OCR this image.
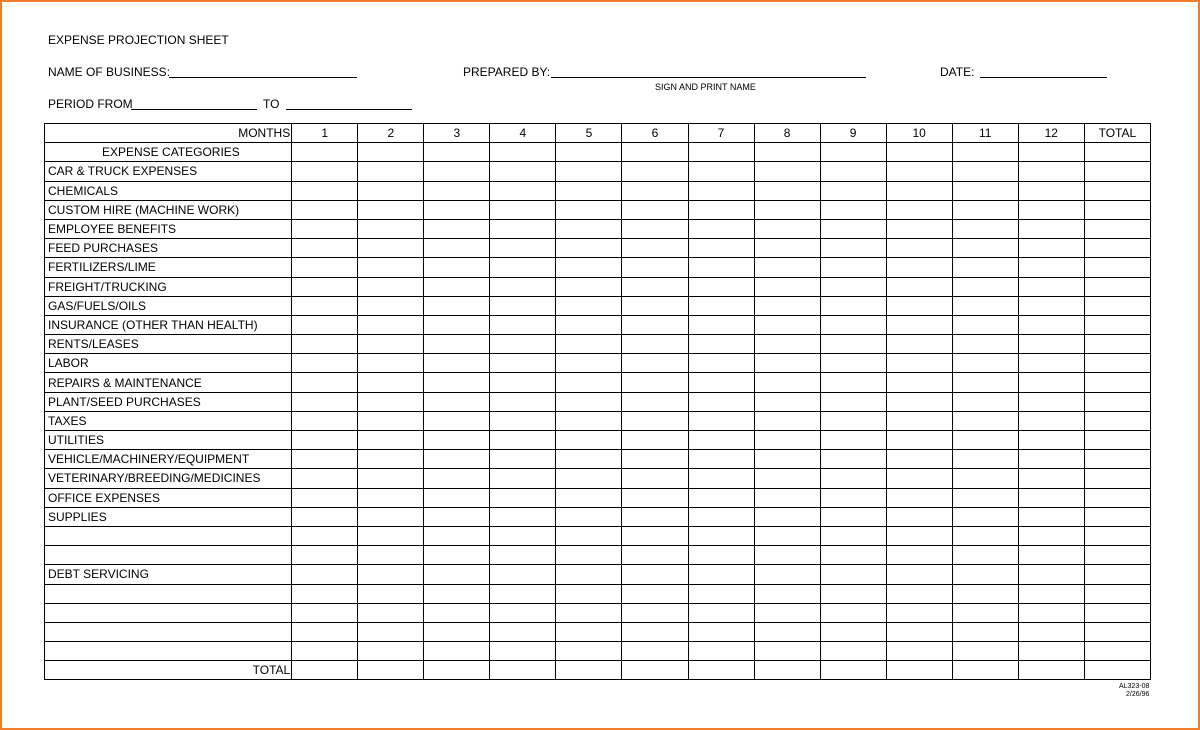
EXPENSE PROJECTION SHEET
NAME OF BUSINESS:	PREPARED BY:
SIGN AND PRINT NAME
DATE:
PERIOD FROM	TO
MONTHS	1	2	3	4	5	6	7	8	9	10	11	12	TOTAL
EXPENSE CATEGORIES													
CAR & TRUCK EXPENSES													
CHEMICALS													
CUSTOM HIRE (MACHINE WORK)													
EMPLOYEE BENEFITS													
FEED PURCHASES													
FERTILIZERS/LIME													
FREIGHT/TRUCKING													
GAS/FUELS/OILS													
INSURANCE (OTHER THAN HEALTH)													
RENTS/LEASES													
LABOR													
REPAIRS & MAINTENANCE													
PLANT/SEED PURCHASES													
TAXES													
UTILITIES													
VEHICLE/MACHINERY/EQUIPMENT													
VETERINARY/BREEDING/MEDICINES													
OFFICE EXPENSES													
SUPPLIES													

DEBT SERVICING													

TOTAL													
AL323-08
2/26/96
